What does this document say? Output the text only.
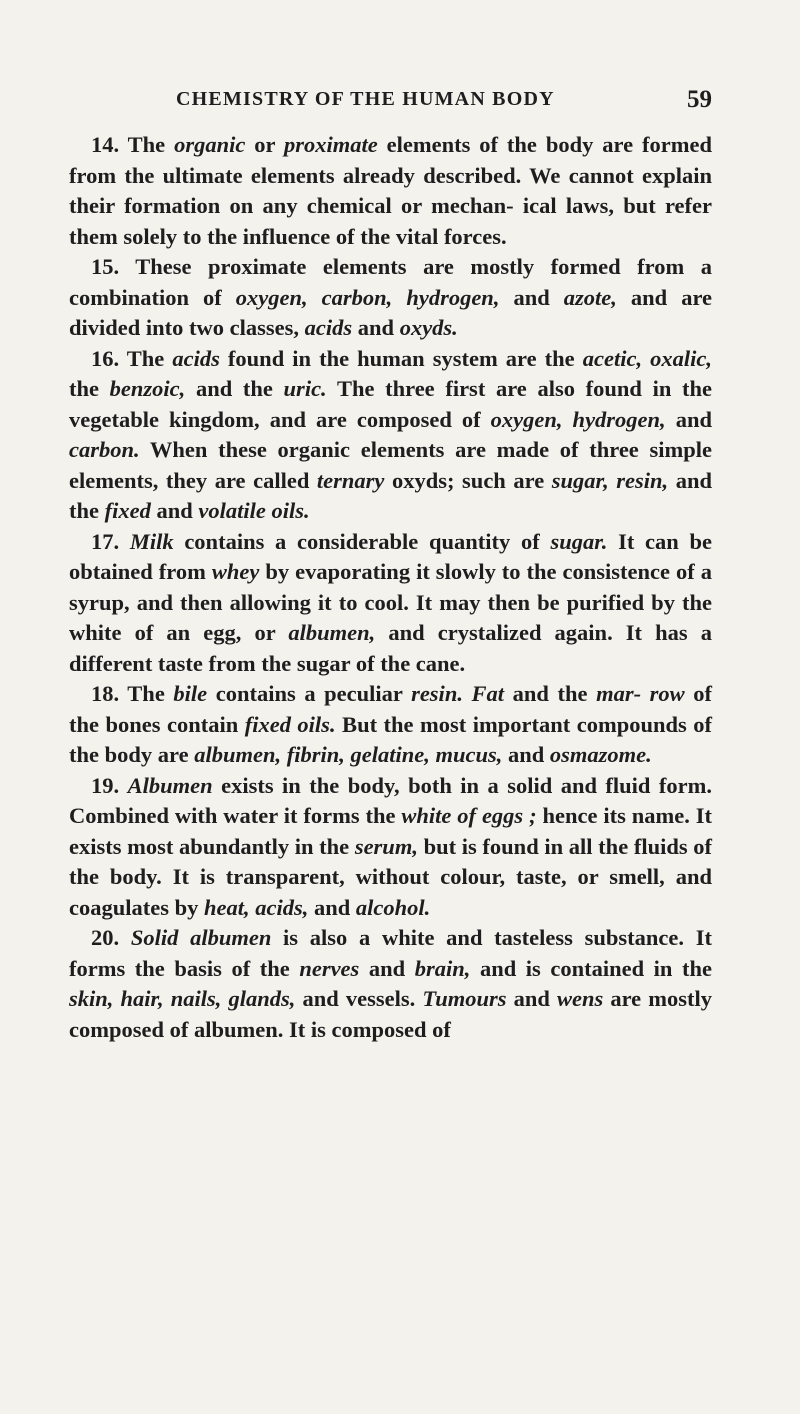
CHEMISTRY OF THE HUMAN BODY	59

14. The organic or proximate elements of the body are formed from the ultimate elements already described. We cannot explain their formation on any chemical or mechan- ical laws, but refer them solely to the influence of the vital forces.

15. These proximate elements are mostly formed from a combination of oxygen, carbon, hydrogen, and azote, and are divided into two classes, acids and oxyds.

16. The acids found in the human system are the acetic, oxalic, the benzoic, and the uric. The three first are also found in the vegetable kingdom, and are composed of oxygen, hydrogen, and carbon. When these organic elements are made of three simple elements, they are called ternary oxyds; such are sugar, resin, and the fixed and volatile oils.

17. Milk contains a considerable quantity of sugar. It can be obtained from whey by evaporating it slowly to the consistence of a syrup, and then allowing it to cool. It may then be purified by the white of an egg, or albumen, and crystalized again. It has a different taste from the sugar of the cane.

18. The bile contains a peculiar resin. Fat and the mar- row of the bones contain fixed oils. But the most important compounds of the body are albumen, fibrin, gelatine, mucus, and osmazome.

19. Albumen exists in the body, both in a solid and fluid form. Combined with water it forms the white of eggs ; hence its name. It exists most abundantly in the serum, but is found in all the fluids of the body. It is transparent, without colour, taste, or smell, and coagulates by heat, acids, and alcohol.

20. Solid albumen is also a white and tasteless substance. It forms the basis of the nerves and brain, and is contained in the skin, hair, nails, glands, and vessels. Tumours and wens are mostly composed of albumen. It is composed of
